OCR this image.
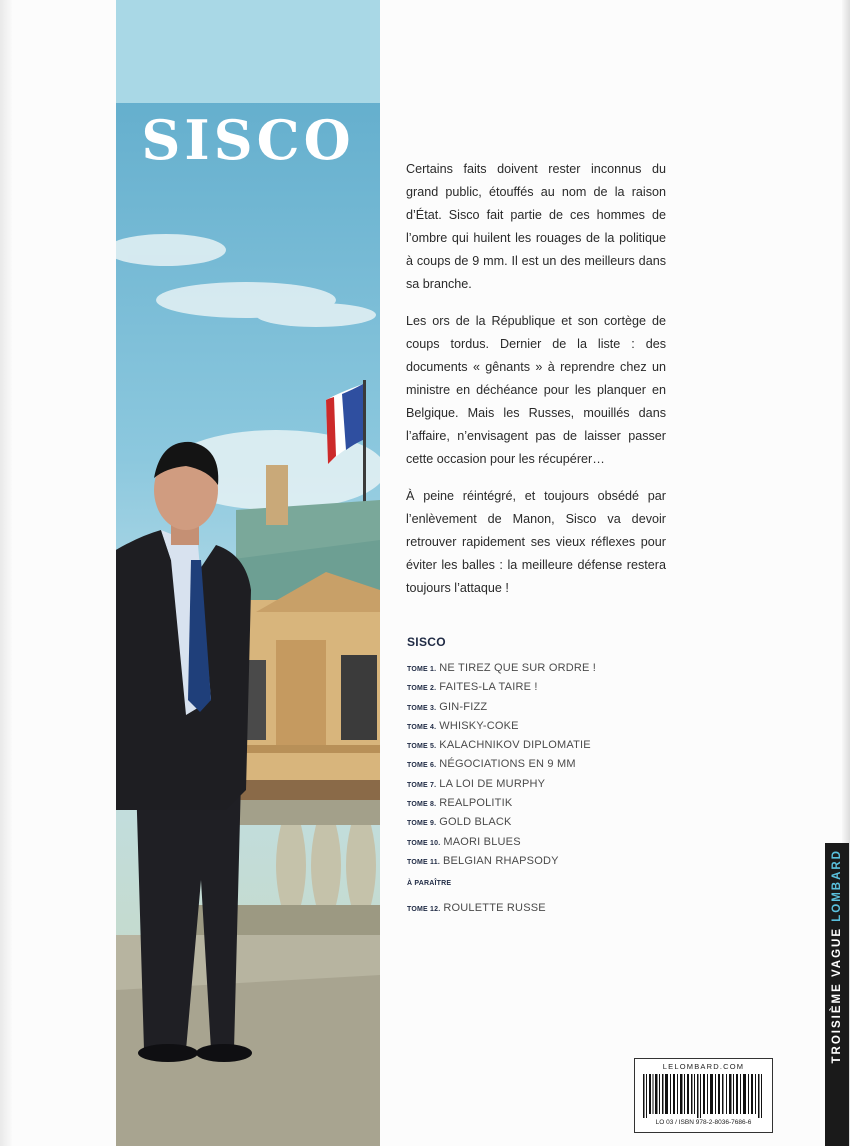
SISCO	Certains faits doivent rester inconnus du grand public, étouffés au nom de la raison d’État. Sisco fait partie de ces hommes de l’ombre qui huilent les rouages de la politique à coups de 9 mm. Il est un des meilleurs dans sa branche.

Les ors de la République et son cortège de coups tordus. Dernier de la liste : des documents « gênants » à reprendre chez un ministre en déchéance pour les planquer en Belgique. Mais les Russes, mouillés dans l’affaire, n’envisagent pas de laisser passer cette occasion pour les récupérer…

À peine réintégré, et toujours obsédé par l’enlèvement de Manon, Sisco va devoir retrouver rapidement ses vieux réflexes pour éviter les balles : la meilleure défense restera toujours l’attaque !

SISCO
TOME 1. NE TIREZ QUE SUR ORDRE !
TOME 2. FAITES-LA TAIRE !
TOME 3. GIN-FIZZ
TOME 4. WHISKY-COKE
TOME 5. KALACHNIKOV DIPLOMATIE
TOME 6. NÉGOCIATIONS EN 9 MM
TOME 7. LA LOI DE MURPHY
TOME 8. REALPOLITIK
TOME 9. GOLD BLACK
TOME 10. MAORI BLUES
TOME 11. BELGIAN RHAPSODY
À PARAÎTRE
TOME 12. ROULETTE RUSSE
LELOMBARD.COM
LO 03 / ISBN 978-2-8036-7686-6
TROISIÈME VAGUE LOMBARD
